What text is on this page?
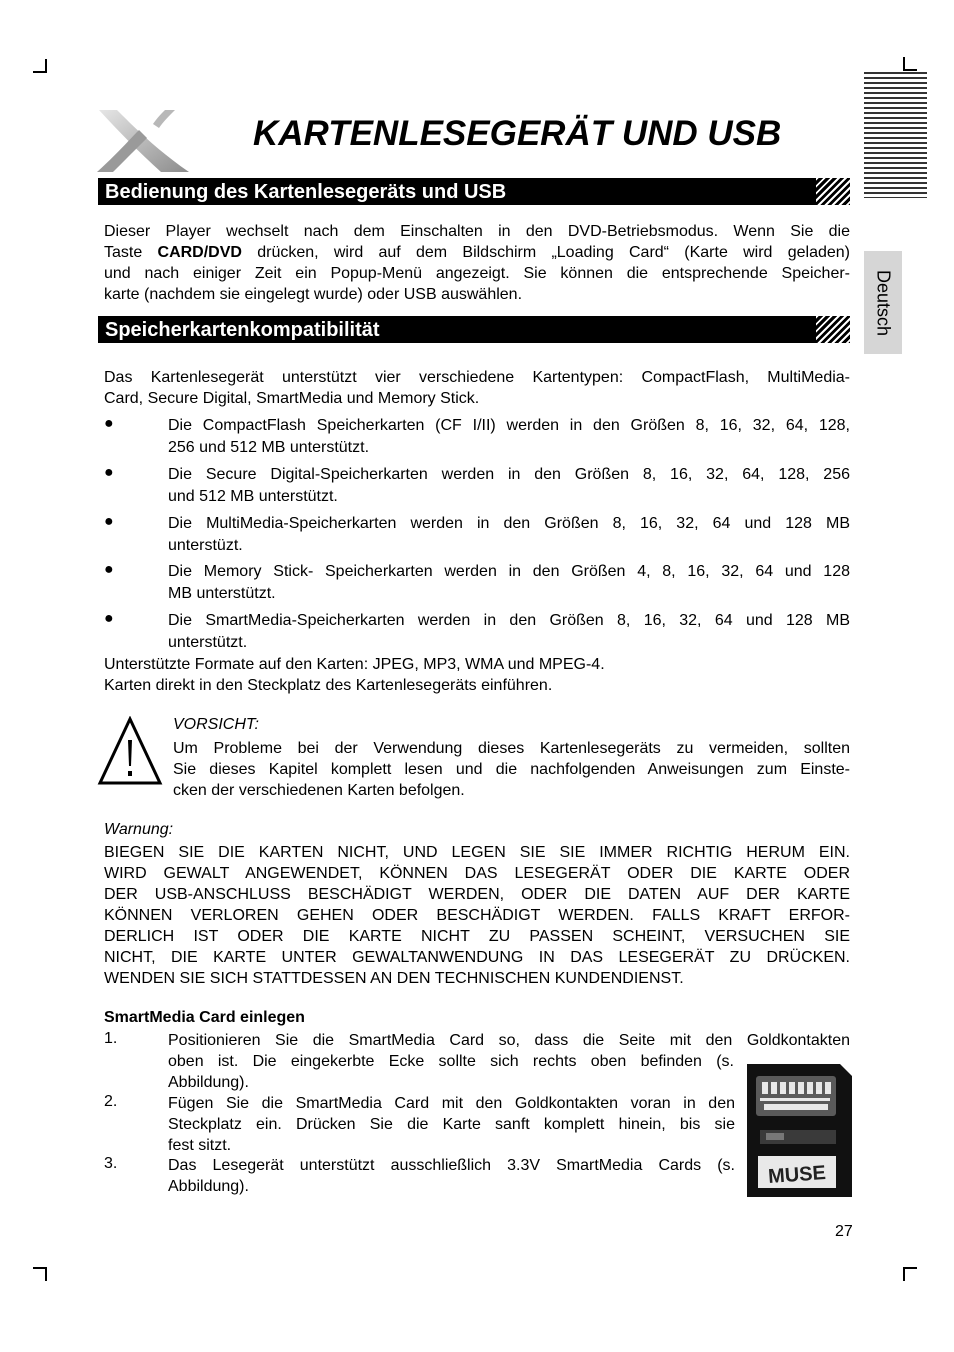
Deutsch
KARTENLESEGERÄT UND USB
Bedienung des Kartenlesegeräts und USB
Dieser Player wechselt nach dem Einschalten in den DVD-Betriebsmodus. Wenn Sie die
Taste CARD/DVD drücken, wird auf dem Bildschirm „Loading Card“ (Karte wird geladen)
und nach einiger Zeit ein Popup-Menü angezeigt. Sie können die entsprechende Speicher-
karte (nachdem sie eingelegt wurde) oder USB auswählen.
Speicherkartenkompatibilität
Das Kartenlesegerät unterstützt vier verschiedene Kartentypen: CompactFlash, MultiMedia-
Card, Secure Digital, SmartMedia und Memory Stick.
●	Die CompactFlash Speicherkarten (CF I/II) werden in den Größen 8, 16, 32, 64, 128,
256 und 512 MB unterstützt.
●	Die Secure Digital-Speicherkarten werden in den Größen 8, 16, 32, 64, 128, 256
und 512 MB unterstützt.
●	Die MultiMedia-Speicherkarten werden in den Größen 8, 16, 32, 64 und 128 MB
unterstüzt.
●	Die Memory Stick- Speicherkarten werden in den Größen 4, 8, 16, 32, 64 und 128
MB unterstützt.
●	Die SmartMedia-Speicherkarten werden in den Größen 8, 16, 32, 64 und 128 MB
unterstützt.
Unterstützte Formate auf den Karten: JPEG, MP3, WMA und MPEG-4.
Karten direkt in den Steckplatz des Kartenlesegeräts einführen.
VORSICHT:
Um Probleme bei der Verwendung dieses Kartenlesegeräts zu vermeiden, sollten
Sie dieses Kapitel komplett lesen und die nachfolgenden Anweisungen zum Einste-
cken der verschiedenen Karten befolgen.
Warnung:
BIEGEN SIE DIE KARTEN NICHT, UND LEGEN SIE SIE IMMER RICHTIG HERUM EIN.
WIRD GEWALT ANGEWENDET, KÖNNEN DAS LESEGERÄT ODER DIE KARTE ODER
DER USB-ANSCHLUSS BESCHÄDIGT WERDEN, ODER DIE DATEN AUF DER KARTE
KÖNNEN VERLOREN GEHEN ODER BESCHÄDIGT WERDEN. FALLS KRAFT ERFOR-
DERLICH IST ODER DIE KARTE NICHT ZU PASSEN SCHEINT, VERSUCHEN SIE
NICHT, DIE KARTE UNTER GEWALTANWENDUNG IN DAS LESEGERÄT ZU DRÜCKEN.
WENDEN SIE SICH STATTDESSEN AN DEN TECHNISCHEN KUNDENDIENST.
SmartMedia Card einlegen
1.	Positionieren Sie die SmartMedia Card so, dass die Seite mit den Goldkontakten
oben ist. Die eingekerbte Ecke sollte sich rechts oben befinden (s.
Abbildung).
2.	Fügen Sie die SmartMedia Card mit den Goldkontakten voran in den
Steckplatz ein. Drücken Sie die Karte sanft komplett hinein, bis sie
fest sitzt.
3.	Das Lesegerät unterstützt ausschließlich 3.3V SmartMedia Cards (s.
Abbildung).	MUSE
27
